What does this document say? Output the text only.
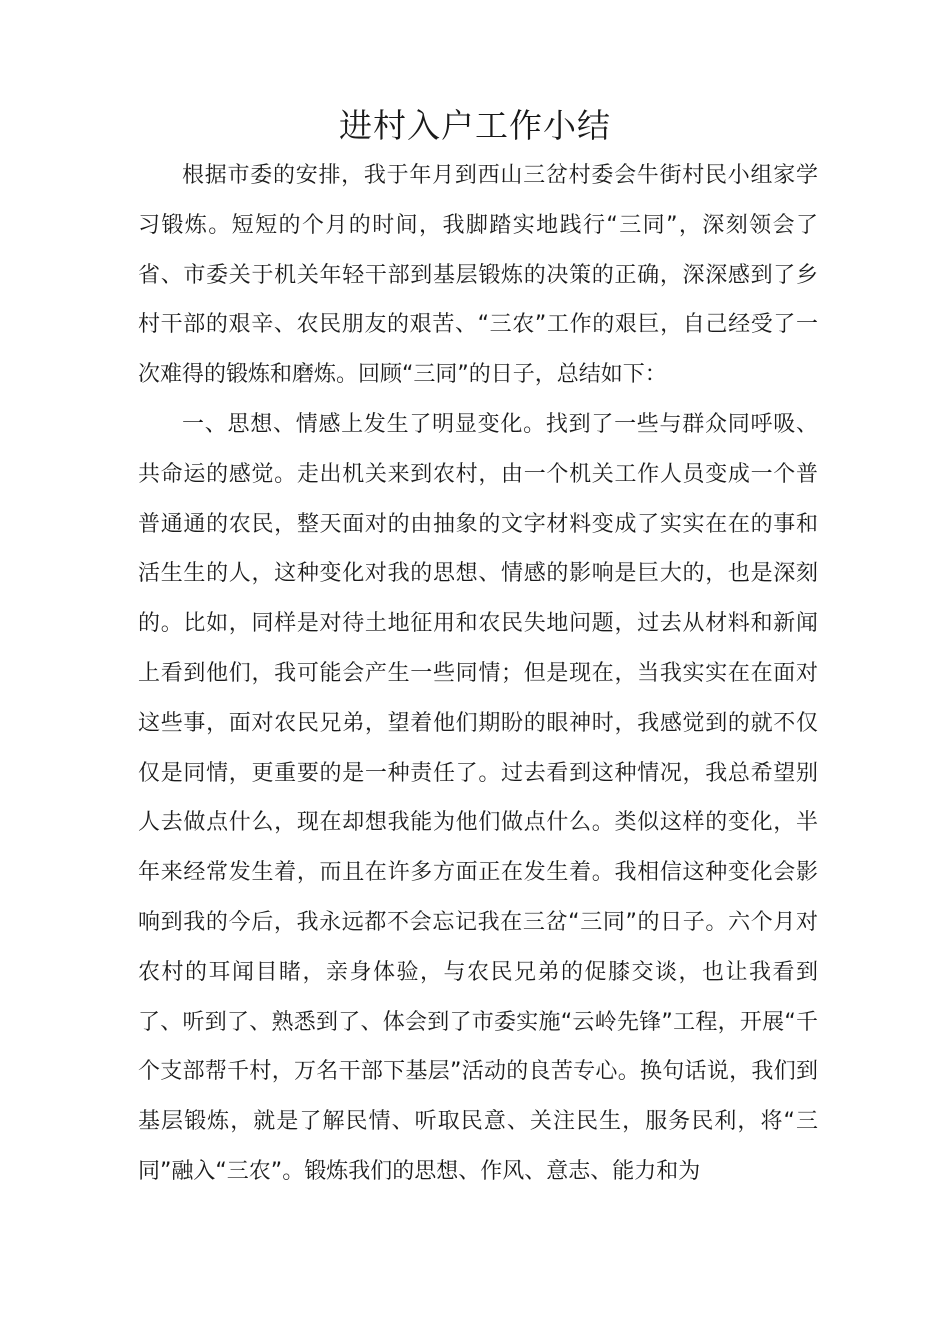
进村入户工作小结

根据市委的安排，我于年月到西山三岔村委会牛街村民小组家学习锻炼。短短的个月的时间，我脚踏实地践行“三同”，深刻领会了省、市委关于机关年轻干部到基层锻炼的决策的正确，深深感到了乡村干部的艰辛、农民朋友的艰苦、“三农”工作的艰巨，自己经受了一次难得的锻炼和磨炼。回顾“三同”的日子，总结如下：

一、思想、情感上发生了明显变化。找到了一些与群众同呼吸、共命运的感觉。走出机关来到农村，由一个机关工作人员变成一个普普通通的农民，整天面对的由抽象的文字材料变成了实实在在的事和活生生的人，这种变化对我的思想、情感的影响是巨大的，也是深刻的。比如，同样是对待土地征用和农民失地问题，过去从材料和新闻上看到他们，我可能会产生一些同情；但是现在，当我实实在在面对这些事，面对农民兄弟，望着他们期盼的眼神时，我感觉到的就不仅仅是同情，更重要的是一种责任了。过去看到这种情况，我总希望别人去做点什么，现在却想我能为他们做点什么。类似这样的变化，半年来经常发生着，而且在许多方面正在发生着。我相信这种变化会影响到我的今后，我永远都不会忘记我在三岔“三同”的日子。六个月对农村的耳闻目睹，亲身体验，与农民兄弟的促膝交谈，也让我看到了、听到了、熟悉到了、体会到了市委实施“云岭先锋”工程，开展“千个支部帮千村，万名干部下基层”活动的良苦专心。换句话说，我们到基层锻炼，就是了解民情、听取民意、关注民生，服务民利，将“三同”融入“三农”。锻炼我们的思想、作风、意志、能力和为
